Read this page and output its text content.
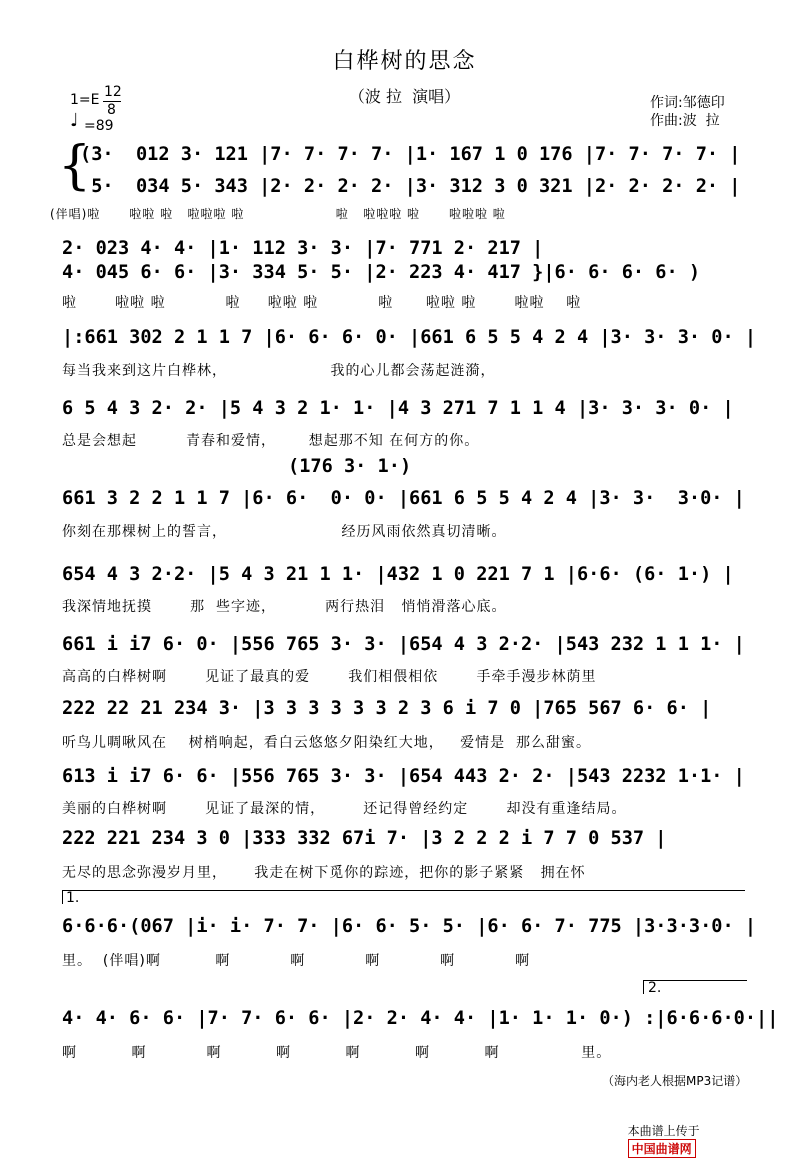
白桦树的思念
（波 拉  演唱）
1=E 12
8
♩ =89
作词:邹德印
作曲:波  拉
{
(3·  012 3· 121 |7· 7· 7· 7· |1· 167 1 0 176 |7· 7· 7· 7· |
5·  034 5· 343 |2· 2· 2· 2· |3· 312 3 0 321 |2· 2· 2· 2· |
(伴唱)啦      啦啦 啦   啦啦啦 啦                   啦   啦啦啦 啦      啦啦啦 啦
2· 023 4· 4· |1· 112 3· 3· |7· 771 2· 217 |
4· 045 6· 6· |3· 334 5· 5· |2· 223 4· 417 }|6· 6· 6· 6· )
啦       啦啦 啦           啦     啦啦 啦           啦      啦啦 啦       啦啦    啦
|:661 302 2 1 1 7 |6· 6· 6· 0· |661 6 5 5 4 2 4 |3· 3· 3· 0· |
每当我来到这片白桦林，                   我的心儿都会荡起涟漪，
6 5 4 3 2· 2· |5 4 3 2 1· 1· |4 3 271 7 1 1 4 |3· 3· 3· 0· |
总是会想起         青春和爱情，      想起那不知 在何方的你。
(176 3· 1·)
661 3 2 2 1 1 7 |6· 6·  0· 0· |661 6 5 5 4 2 4 |3· 3·  3·0· |
你刻在那棵树上的誓言，                     经历风雨依然真切清晰。
654 4 3 2·2· |5 4 3 21 1 1· |432 1 0 221 7 1 |6·6· (6· 1·) |
我深情地抚摸       那  些字迹，         两行热泪   悄悄滑落心底。
661 i i7 6· 0· |556 765 3· 3· |654 4 3 2·2· |543 232 1 1 1· |
高高的白桦树啊       见证了最真的爱       我们相偎相依       手牵手漫步林荫里
222 22 21 234 3· |3 3 3 3 3 3 2 3 6 i 7 0 |765 567 6· 6· |
听鸟儿啁啾风在    树梢响起，看白云悠悠夕阳染红大地，   爱情是  那么甜蜜。
613 i i7 6· 6· |556 765 3· 3· |654 443 2· 2· |543 2232 1·1· |
美丽的白桦树啊       见证了最深的情，       还记得曾经约定       却没有重逢结局。
222 221 234 3 0 |333 332 67i 7· |3 2 2 2 i 7 7 0 537 |
无尽的思念弥漫岁月里，     我走在树下觅你的踪迹，把你的影子紧紧   拥在怀
1.
6·6·6·(067 |i· i· 7· 7· |6· 6· 5· 5· |6· 6· 7· 775 |3·3·3·0· |
里。  (伴唱)啊          啊           啊           啊           啊           啊
2.
4· 4· 6· 6· |7· 7· 6· 6· |2· 2· 4· 4· |1· 1· 1· 0·) :|6·6·6·0·||
啊          啊           啊          啊          啊          啊          啊               里。
（海内老人根据MP3记谱）

本曲谱上传于
中国曲谱网
